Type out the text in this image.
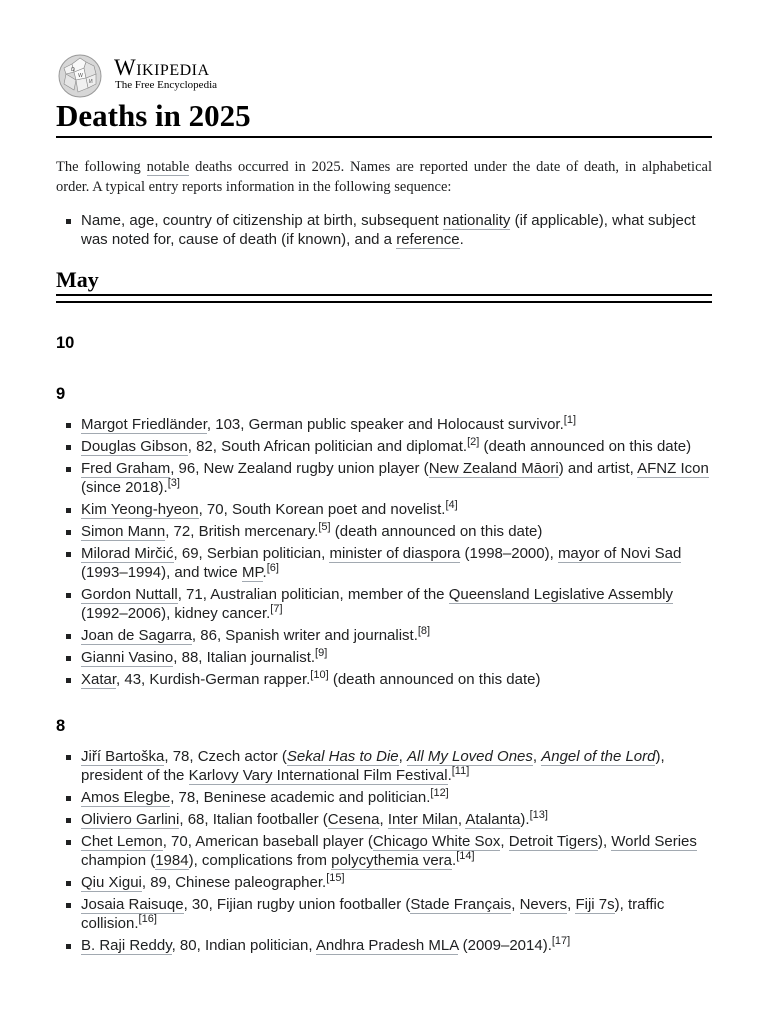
Ω
W
И
Wikipedia
The Free Encyclopedia
Deaths in 2025

The following notable deaths occurred in 2025. Names are reported under the date of death, in alphabetical order. A typical entry reports information in the following sequence:

Name, age, country of citizenship at birth, subsequent nationality (if applicable), what subject was noted for, cause of death (if known), and a reference.
May
10
9
Margot Friedländer, 103, German public speaker and Holocaust survivor.[1]
Douglas Gibson, 82, South African politician and diplomat.[2] (death announced on this date)
Fred Graham, 96, New Zealand rugby union player (New Zealand Māori) and artist, AFNZ Icon (since 2018).[3]
Kim Yeong-hyeon, 70, South Korean poet and novelist.[4]
Simon Mann, 72, British mercenary.[5] (death announced on this date)
Milorad Mirčić, 69, Serbian politician, minister of diaspora (1998–2000), mayor of Novi Sad (1993–1994), and twice MP.[6]
Gordon Nuttall, 71, Australian politician, member of the Queensland Legislative Assembly (1992–2006), kidney cancer.[7]
Joan de Sagarra, 86, Spanish writer and journalist.[8]
Gianni Vasino, 88, Italian journalist.[9]
Xatar, 43, Kurdish-German rapper.[10] (death announced on this date)
8
Jiří Bartoška, 78, Czech actor (Sekal Has to Die, All My Loved Ones, Angel of the Lord), president of the Karlovy Vary International Film Festival.[11]
Amos Elegbe, 78, Beninese academic and politician.[12]
Oliviero Garlini, 68, Italian footballer (Cesena, Inter Milan, Atalanta).[13]
Chet Lemon, 70, American baseball player (Chicago White Sox, Detroit Tigers), World Series champion (1984), complications from polycythemia vera.[14]
Qiu Xigui, 89, Chinese paleographer.[15]
Josaia Raisuqe, 30, Fijian rugby union footballer (Stade Français, Nevers, Fiji 7s), traffic collision.[16]
B. Raji Reddy, 80, Indian politician, Andhra Pradesh MLA (2009–2014).[17]
